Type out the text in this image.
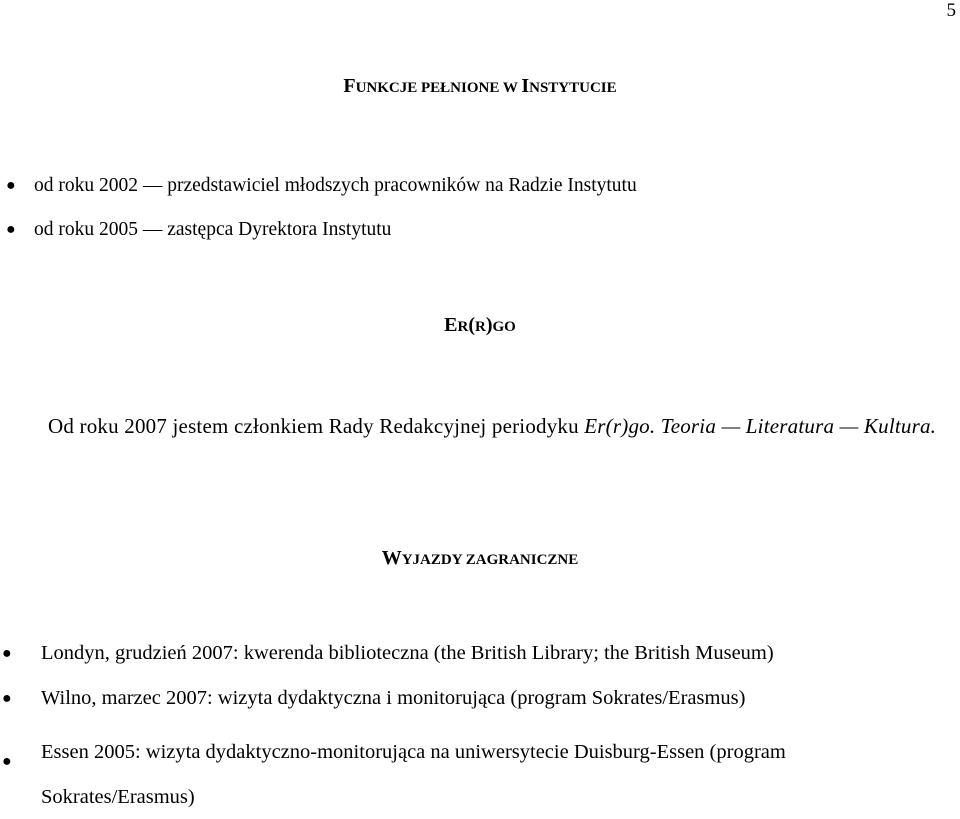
5
FUNKCJE PEŁNIONE W INSTYTUCIE
● od roku 2002 — przedstawiciel młodszych pracowników na Radzie Instytutu
● od roku 2005 — zastępca Dyrektora Instytutu
ER(R)GO

Od roku 2007 jestem członkiem Rady Redakcyjnej periodyku Er(r)go. Teoria — Literatura — Kultura.

WYJAZDY ZAGRANICZNE
● Londyn, grudzień 2007: kwerenda biblioteczna (the British Library; the British Museum)
● Wilno, marzec 2007: wizyta dydaktyczna i monitorująca (program Sokrates/Erasmus)
● Essen 2005: wizyta dydaktyczno-monitorująca na uniwersytecie Duisburg-Essen (program Sokrates/Erasmus)
